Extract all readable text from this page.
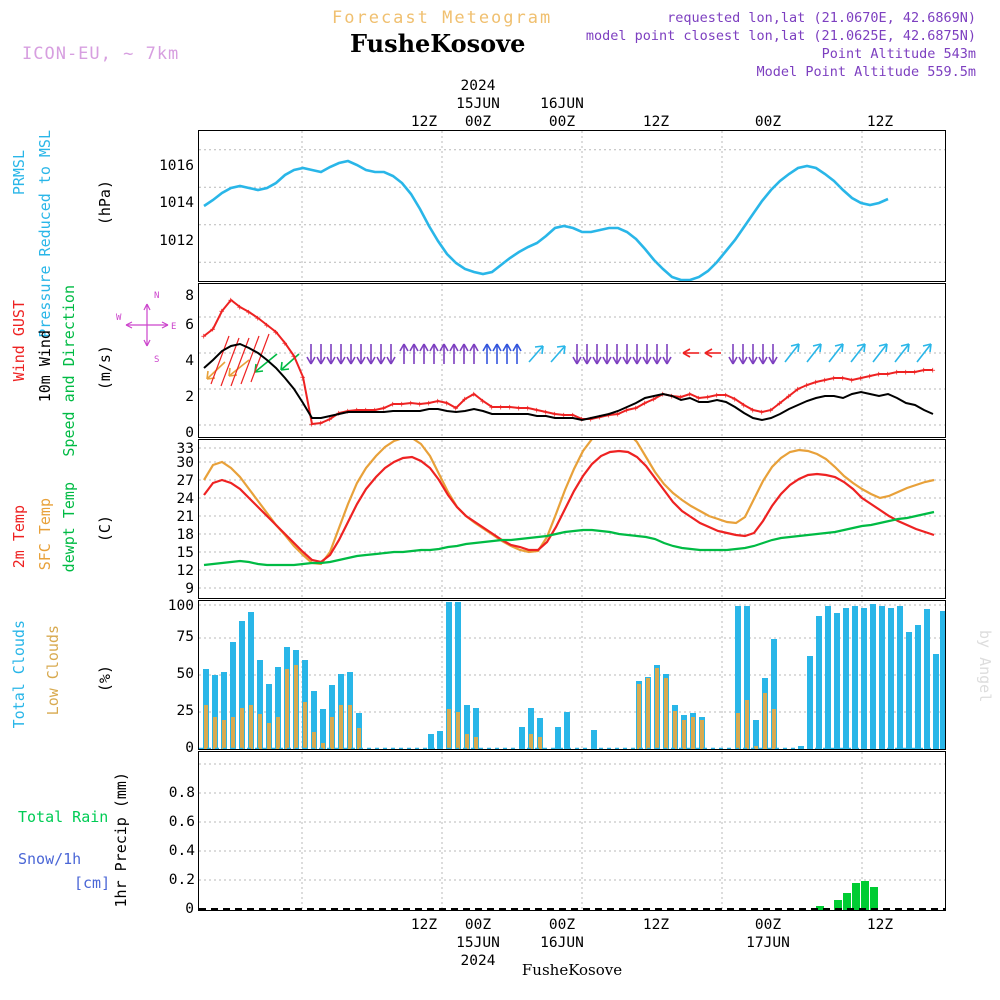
Forecast Meteogram
FusheKosove
ICON-EU, ~ 7km
requested lon,lat (21.0670E, 42.6869N)
model point closest lon,lat (21.0625E, 42.6875N)
Point Altitude 543m
Model Point Altitude 559.5m
by Angel
2024
15JUN
00Z
12Z
16JUN
00Z	12Z	00Z	12Z
1012
1014
1016
PRMSL Pressure Reduced to MSL	(hPa)
+
+
+
+
+ +
+
+
+
+
+
+
+ + +
+ + + + + + + + + + + + + +
+ +
+
+ + + + + + + + + + + + + + + + + + + + + + + + + + + +
+ + + +
+
+
+ + + + + + + + + + + + + + + +
0
2
4
6
8
Wind GUST 10m Wind Speed and Direction (m/s)
N
S
E
W
9
12
15
18
21
24
27
30
33
2m Temp SFC Temp dewpt Temp (C)
0
25
50
75
100
Total Clouds Low Clouds (%)
0
0.2
0.4
0.6
0.8
Total Rain
Snow/1h
[cm] 1hr Precip (mm)
00Z
15JUN
2024
12Z	00Z
16JUN
12Z	00Z
17JUN
12Z
FusheKosove
